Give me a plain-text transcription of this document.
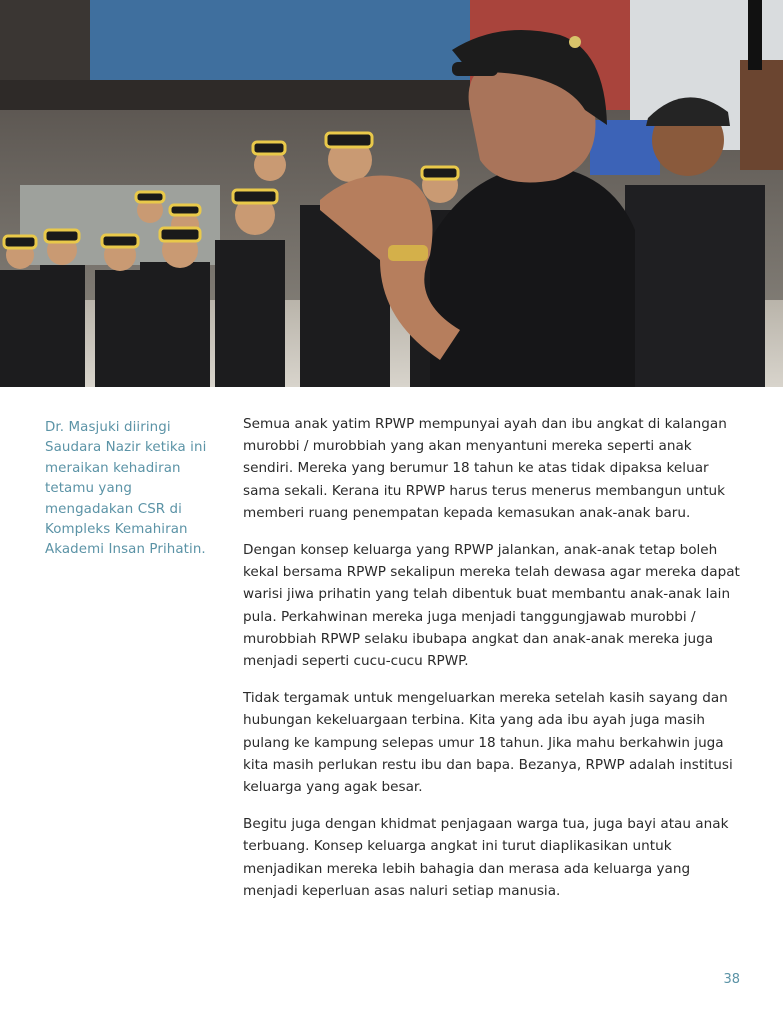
Dr. Masjuki diiringi Saudara Nazir ketika ini meraikan kehadiran tetamu yang mengadakan CSR di Kompleks Kemahiran Akademi Insan Prihatin.

Semua anak yatim RPWP mempunyai ayah dan ibu angkat di kalangan murobbi / murobbiah yang akan menyantuni mereka seperti anak sendiri. Mereka yang berumur 18 tahun ke atas tidak dipaksa keluar sama sekali. Kerana itu RPWP harus terus menerus membangun untuk memberi ruang penempatan kepada kemasukan anak-anak baru.

Dengan konsep keluarga yang RPWP jalankan, anak-anak tetap boleh kekal bersama RPWP sekalipun mereka telah dewasa agar mereka dapat warisi jiwa prihatin yang telah dibentuk buat membantu anak-anak lain pula. Perkahwinan mereka juga menjadi tanggungjawab murobbi / murobbiah RPWP selaku ibubapa angkat dan anak-anak mereka juga menjadi seperti cucu-cucu RPWP.

Tidak tergamak untuk mengeluarkan mereka setelah kasih sayang dan hubungan kekeluargaan terbina. Kita yang ada ibu ayah juga masih pulang ke kampung selepas umur 18 tahun. Jika mahu berkahwin juga kita masih perlukan restu ibu dan bapa. Bezanya, RPWP adalah institusi keluarga yang agak besar.

Begitu juga dengan khidmat penjagaan warga tua, juga bayi atau anak terbuang. Konsep keluarga angkat ini turut diaplikasikan untuk menjadikan mereka lebih bahagia dan merasa ada keluarga yang menjadi keperluan asas naluri setiap manusia.

38
